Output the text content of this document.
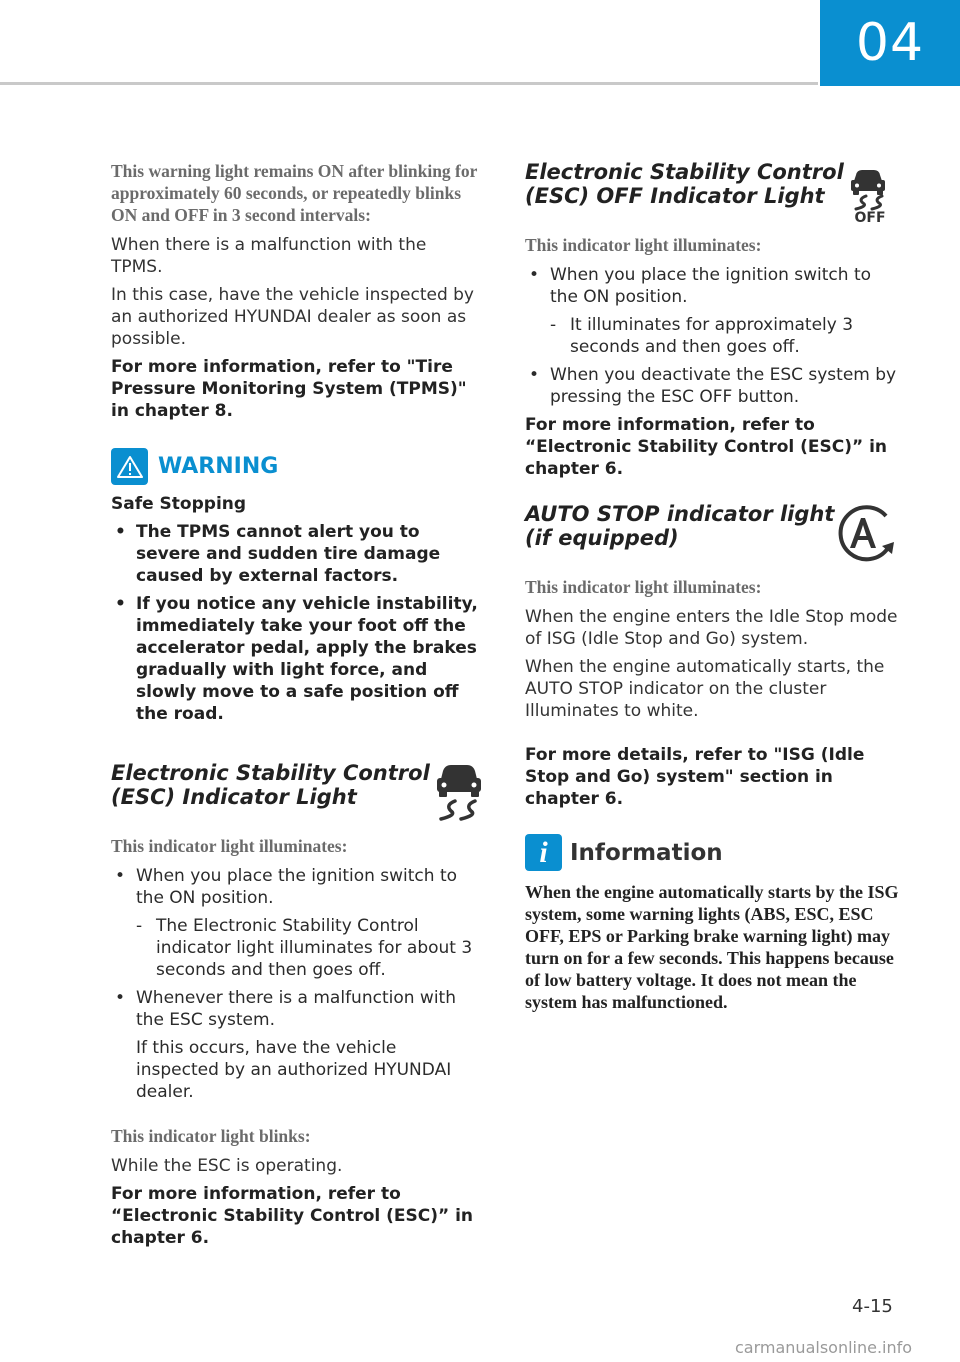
04
This warning light remains ON after blinking for approximately 60 seconds, or repeatedly blinks ON and OFF in 3 second intervals:

When there is a malfunction with the TPMS.

In this case, have the vehicle inspected by an authorized HYUNDAI dealer as soon as possible.

For more information, refer to "Tire Pressure Monitoring System (TPMS)" in chapter 8.

WARNING
Safe Stopping
• The TPMS cannot alert you to severe and sudden tire damage caused by external factors.
• If you notice any vehicle instability, immediately take your foot off the accelerator pedal, apply the brakes gradually with light force, and slowly move to a safe position off the road.
Electronic Stability Control
(ESC) Indicator Light
This indicator light illuminates:
• When you place the ignition switch to the ON position.
- The Electronic Stability Control indicator light illuminates for about 3 seconds and then goes off.
• Whenever there is a malfunction with the ESC system.
If this occurs, have the vehicle inspected by an authorized HYUNDAI dealer.
This indicator light blinks:

While the ESC is operating.

For more information, refer to “Electronic Stability Control (ESC)” in chapter 6.

Electronic Stability Control
(ESC) OFF Indicator Light
OFF
This indicator light illuminates:
• When you place the ignition switch to the ON position.
- It illuminates for approximately 3 seconds and then goes off.
• When you deactivate the ESC system by pressing the ESC OFF button.

For more information, refer to “Electronic Stability Control (ESC)” in chapter 6.

AUTO STOP indicator light
(if equipped)
This indicator light illuminates:

When the engine enters the Idle Stop mode of ISG (Idle Stop and Go) system.

When the engine automatically starts, the AUTO STOP indicator on the cluster Illuminates to white.

For more details, refer to "ISG (Idle Stop and Go) system" section in chapter 6.

i Information
When the engine automatically starts by the ISG system, some warning lights (ABS, ESC, ESC OFF, EPS or Parking brake warning light) may turn on for a few seconds. This happens because of low battery voltage. It does not mean the system has malfunctioned.
4-15
carmanualsonline.info
